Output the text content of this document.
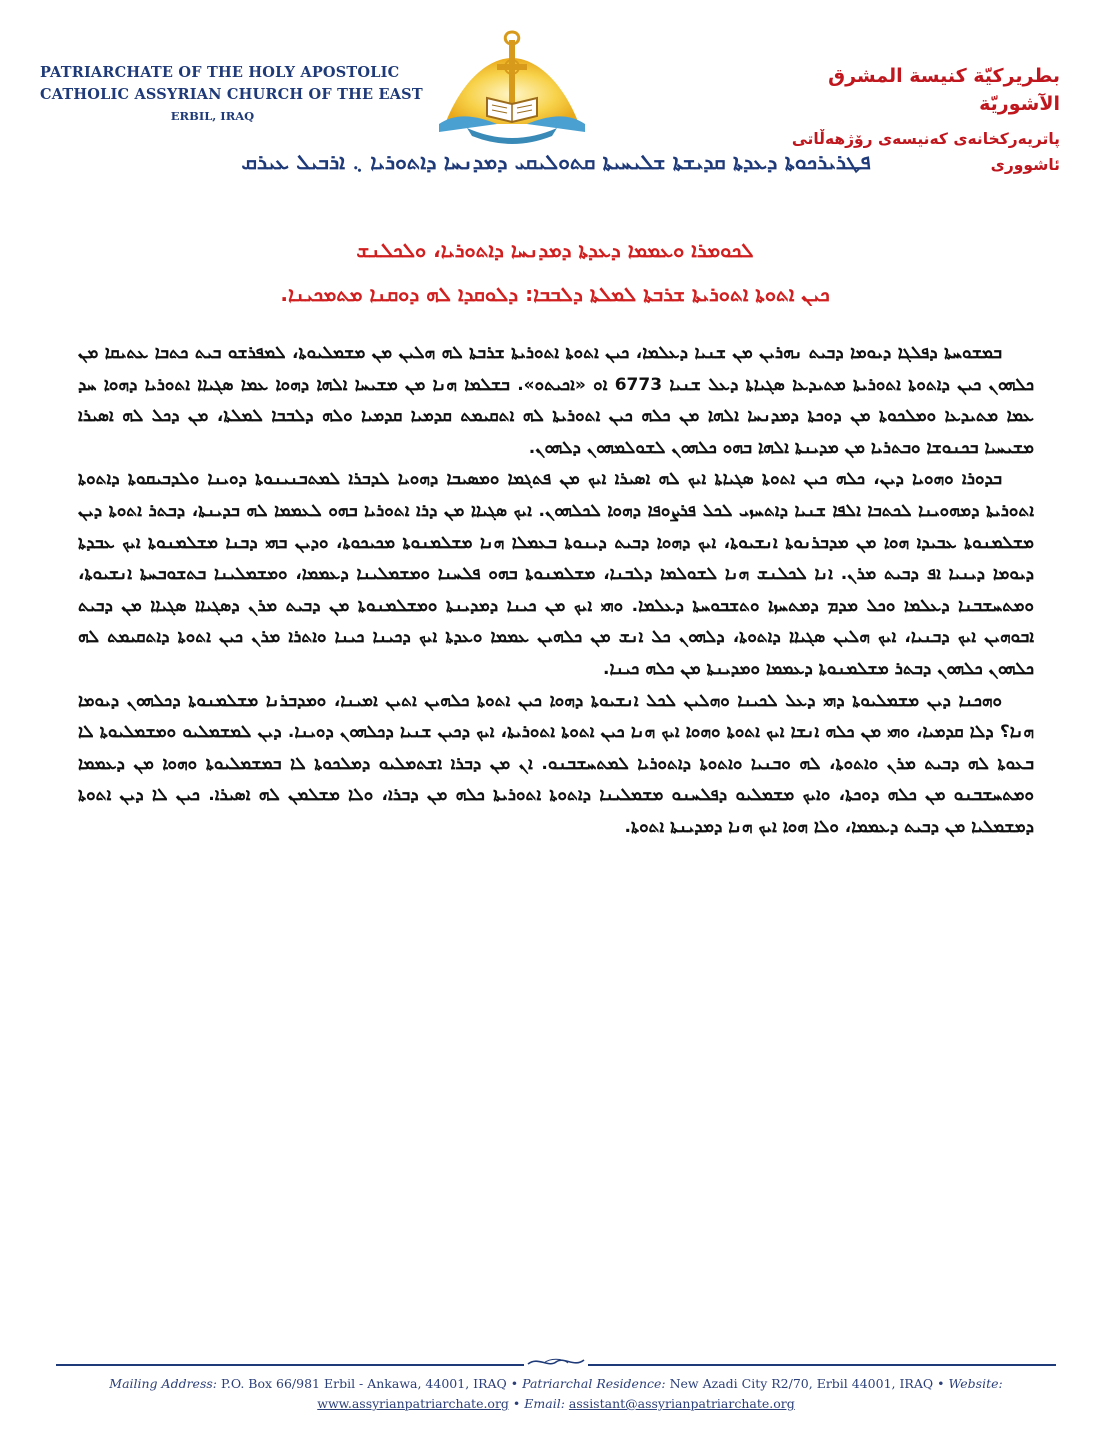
PATRIARCHATE OF THE HOLY APOSTOLIC
CATHOLIC ASSYRIAN CHURCH OF THE EAST
ERBIL, IRAQ
بطريركيّة كنيسة المشرق الآشوريّة
پاتريەرکخانەی کەنیسەی رۆژهەڵاتی ئاشووری
ܦܛܪܝܪܟܘܬܐ ܕܥܕܬܐ ܩܕܝܫܬܐ ܫܠܝܚܝܬܐ ܩܬܘܠܝܩܝ ܕܡܕܢܚܐ ܕܐܬܘܪܝܐ ܆ ܐܪܒܝܠ ܥܝܪܩ
ܠܟܘܡܪܐ ܘܥܡܡܐ ܕܥܕܬܐ ܕܡܕܢܚܐ ܕܐܬܘܪܝܐ، ܘܠܟܠܢܫ
ܟܝܢ ܐܬܘܬܐ ܐܬܘܪܝܬܐ ܫܪܒܬܐ ܠܡܠܬܐ ܕܠܒܒܐ: ܕܠܘܩܕܐ ܠܗ ܕܘܩܢܐ ܡܬܡܟܝܢܐ.

ܒܡܫܘܚܬܐ ܕܦܠܓܐ ܕܝܘܡܐ ܕܒܝܬ ܢܗܪܝܢ ܡܢ ܫܢܝܐ ܕܥܠܡܐ، ܟܝܢ ܐܬܘܬܐ ܐܬܘܪܝܬܐ ܫܪܒܬܐ ܠܗ ܗܠܝܢ ܡܢ ܡܫܡܠܝܘܬܐ، ܠܡܦܪܫܘ ܒܝܬ ܟܬܒܐ ܥܬܝܩܐ ܡܢ ܟܠܗܘܢ ܟܝܢ ܕܐܬܘܬܐ ܐܬܘܪܝܬܐ ܡܬܝܕܥܐ ܣܓܝܐܬܐ ܕܥܠ ܫܢܝܐ 6773 ܐܘ «ܐܟܝܬܘ». ܒܫܠܡܐ ܗܢܐ ܡܢ ܡܫܝܚܐ ܐܠܗܐ ܕܗܘܐ ܥܡܐ ܣܓܝܐܐ ܐܬܘܪܝܐ ܕܗܘܐ ܚܕ ܥܡܐ ܡܬܝܕܥܐ ܘܡܠܟܘܬܐ ܡܢ ܕܘܟܬܐ ܕܡܕܢܚܐ ܐܠܗܐ ܡܢ ܟܠܗ ܟܝܢ ܐܬܘܪܝܬܐ ܠܗ ܐܬܩܝܡܬ ܩܕܡܝܐ ܩܕܡܝܐ ܘܠܗ ܕܠܒܒܐ ܠܡܠܬܐ، ܡܢ ܕܟܠ ܠܗ ܐܣܝܪܐ ܡܫܝܚܝܐ ܒܟܢܘܫܐ ܘܒܬܪܝܐ ܡܢ ܡܕܝܢܬܐ ܐܠܗܐ ܒܗܘ ܟܠܗܘܢ ܠܫܘܠܡܗܘܢ ܕܠܗܘܢ.

ܒܕܘܪܐ ܘܗܘܝܐ ܕܝܢ، ܟܠܗ ܟܝܢ ܐܬܘܬܐ ܣܓܝܐܬܐ ܐܝܟ ܠܗ ܐܣܝܪܐ ܐܝܟ ܡܢ ܦܬܓܡܐ ܘܡܣܝܒܐ ܕܗܘܝܐ ܠܕܒܪܐ ܠܡܬܒܢܝܢܘܬܐ ܕܘܝܢܐ ܘܠܕܒܝܩܘܬܐ ܕܐܬܘܬܐ ܐܬܘܪܝܬܐ ܕܡܗܘܝܢܐ ܠܟܬܒܐ ܐܠܦܐ ܫܢܝܐ ܕܐܬܚܙܝ ܠܟܠ ܦܪܨܘܦܐ ܕܗܘܐ ܠܟܠܗܘܢ. ܐܝܟ ܣܓܝܐܐ ܡܢ ܕܪܐ ܐܬܘܪܝܐ ܒܗܘ ܠܥܡܡܐ ܠܗ ܒܕܝܢܬܐ، ܕܒܬܪ ܐܬܘܬܐ ܕܝܢ ܡܫܠܡܢܘܬܐ ܥܒܝܕܐ ܗܘܐ ܡܢ ܡܕܒܪܢܘܬܐ ܐܢܫܝܘܬܐ، ܐܝܟ ܕܗܘܐ ܕܒܝܬ ܕܝܢܘܬܐ ܒܥܡܠܐ ܗܢܐ ܡܫܠܡܢܘܬܐ ܡܟܝܟܘܬܐ، ܘܕܝܢ ܒܗܝ ܕܒܢܐ ܡܫܠܡܢܘܬܐ ܐܝܟ ܥܒܕܬܐ ܕܝܘܡܐ ܕܝܢܝܐ ܐܦ ܕܒܝܬ ܡܪܢ. ܐܢܐ ܠܟܠܢܫ ܗܢܐ ܠܫܘܠܡܐ ܕܠܒܢܐ، ܡܫܠܡܢܘܬܐ ܒܗܘ ܦܠܚܢܐ ܘܡܫܡܠܝܢܐ ܕܥܡܡܐ، ܘܡܫܡܠܝܢܐ ܒܬܫܘܒܚܬܐ ܐܢܫܝܘܬܐ، ܘܡܬܚܫܒܢܐ ܕܥܠܡܐ ܘܟܠ ܡܕܡ ܕܡܬܚܙܐ ܘܬܫܒܘܚܬܐ ܕܥܠܡܐ. ܘܗܝ ܐܝܟ ܡܢ ܟܝܢܐ ܕܡܕܝܢܬܐ ܘܡܫܠܡܢܘܬܐ ܡܢ ܕܒܝܬ ܡܪܢ ܕܣܓܝܐܐ ܣܓܝܐܐ ܡܢ ܕܒܝܬ ܐܒܘܗܝܢ ܐܝܟ ܕܒܢܝܐ، ܐܝܟ ܗܠܝܢ ܣܓܝܐܐ ܕܐܬܘܬܐ، ܕܠܗܘܢ ܟܠ ܐܢܫ ܡܢ ܟܠܗܝܢ ܥܡܡܐ ܘܥܕܬܐ ܐܝܟ ܕܟܝܢܐ ܟܝܢܐ ܘܐܬܪܐ ܡܪܢ ܟܝܢ ܐܬܘܬܐ ܕܐܬܩܝܡܬ ܠܗ ܟܠܗܘܢ ܟܠܗܘܢ ܕܒܬܪ ܡܫܠܡܢܘܬܐ ܕܥܡܡܐ ܘܡܕܝܢܬܐ ܡܢ ܟܠܗ ܟܝܢܐ.

ܘܗܟܢܐ ܕܝܢ ܡܫܡܠܝܘܬܐ ܕܗܝ ܕܥܠ ܠܟܝܢܐ ܘܗܠܝܢ ܠܟܠ ܐܢܫܝܘܬܐ ܕܗܘܐ ܟܝܢ ܐܬܘܬܐ ܟܠܗܝܢ ܐܬܝܢ ܐܡܝܢܐ، ܘܡܕܒܪܢܐ ܡܫܠܡܢܘܬܐ ܕܟܠܗܘܢ ܕܝܘܡܐ ܗܢܐ؟ ܕܠܐ ܩܕܡܝܐ، ܘܗܝ ܡܢ ܟܠܗ ܐܢܫܐ ܐܝܟ ܐܬܘܬܐ ܘܗܘܐ ܐܝܟ ܗܢܐ ܟܝܢ ܐܬܘܬܐ ܐܬܘܪܝܬܐ، ܐܝܟ ܕܟܝܢ ܫܢܝܐ ܕܟܠܗܘܢ ܕܘܝܢܐ. ܕܝܢ ܠܡܫܡܠܝܘ ܘܡܫܡܠܝܘܬܐ ܠܐ ܒܥܘܬܐ ܠܗ ܕܒܝܬ ܡܪܢ ܘܐܬܘܬܐ، ܠܗ ܘܒܢܝܐ ܘܐܬܘܬܐ ܕܐܬܘܪܝܐ ܠܡܬܚܫܒܢܘ. ܐܢ ܡܢ ܕܒܪܐ ܐܫܬܡܠܝܘ ܕܡܠܟܘܬܐ ܠܐ ܒܡܫܡܠܝܘܬܐ ܘܗܘܐ ܡܢ ܕܥܡܡܐ ܘܡܬܚܫܒܢܘ ܡܢ ܟܠܗ ܕܘܟܬܐ، ܘܐܝܟ ܡܫܡܠܝܘ ܕܦܠܚܢܘ ܡܫܡܠܝܢܐ ܕܐܬܘܬܐ ܐܬܘܪܝܬܐ ܟܠܗ ܡܢ ܕܒܪܐ، ܘܠܐ ܡܫܠܡܢ ܠܗ ܐܣܝܪܐ. ܟܝܢ ܠܐ ܕܝܢ ܐܬܘܬܐ ܕܡܫܡܠܝܐ ܡܢ ܕܒܝܬ ܕܥܡܡܐ، ܘܠܐ ܗܘܐ ܐܝܟ ܗܢܐ ܕܡܕܝܢܬܐ ܐܬܘܬܐ.

Mailing Address: P.O. Box 66/981 Erbil - Ankawa, 44001, IRAQ • Patriarchal Residence: New Azadi City R2/70, Erbil 44001, IRAQ • Website:
www.assyrianpatriarchate.org • Email: assistant@assyrianpatriarchate.org
